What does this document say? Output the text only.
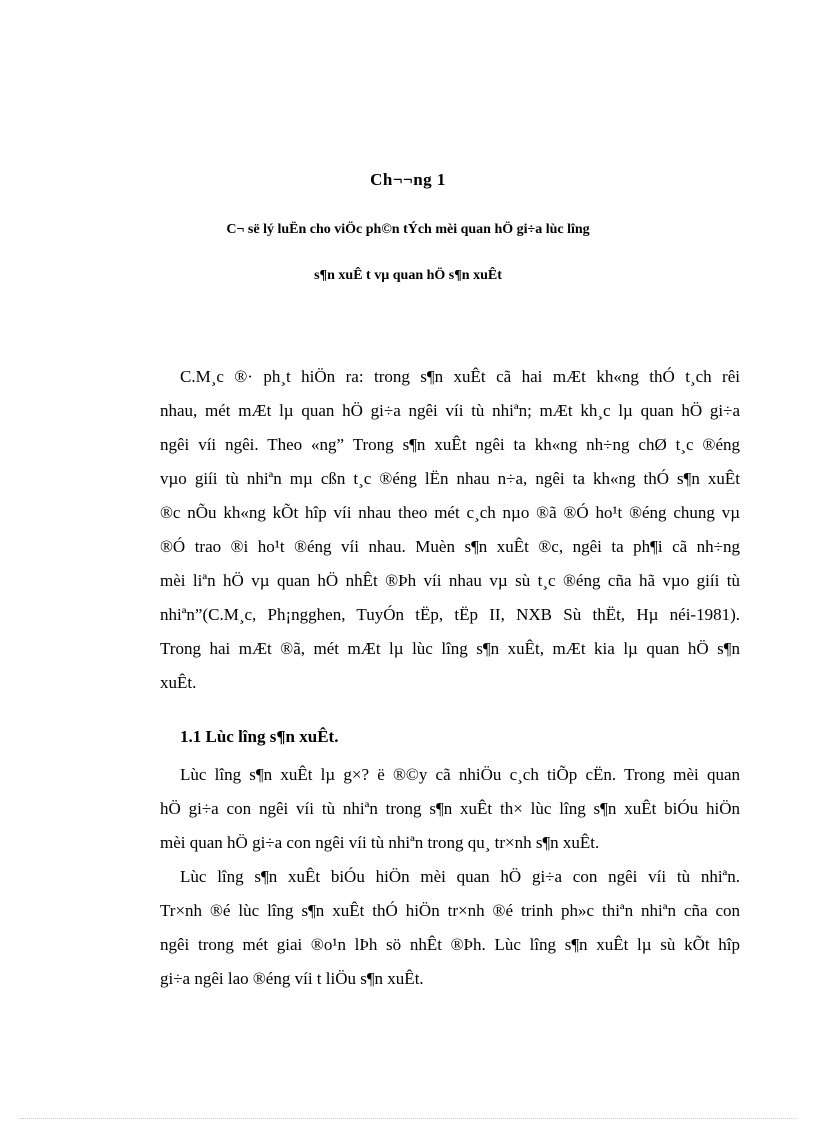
Ch¬¬ng 1
C¬ së lý luËn cho viÖc ph©n tÝch mèi quan hÖ gi÷a lùc lîng
s¶n xuÊ t vµ quan hÖ s¶n xuÊt
C.M¸c ®· ph¸t hiÖn ra: trong s¶n xuÊt cã hai mÆt kh«ng thÓ t¸ch rêi
nhau, mét mÆt lµ quan hÖ gi÷a ngêi víi tù nhiªn; mÆt kh¸c lµ quan hÖ gi÷a
ngêi víi ngêi. Theo «ng” Trong s¶n xuÊt ngêi ta kh«ng nh÷ng chØ t¸c ®éng
vµo giíi tù nhiªn mµ cßn t¸c ®éng lËn nhau n÷a, ngêi ta kh«ng thÓ s¶n xuÊt
®c nÕu kh«ng kÕt hîp víi nhau theo mét c¸ch nµo ®ã ®Ó ho¹t ®éng chung vµ
®Ó trao ®i ho¹t ®éng víi nhau. Muèn s¶n xuÊt ®c, ngêi ta ph¶i cã nh÷ng
mèi liªn hÖ vµ quan hÖ nhÊt ®Þh víi nhau vµ sù t¸c ®éng cña hã vµo giíi tù
nhiªn”(C.M¸c, Ph¡ngghen, TuyÓn tËp, tËp II, NXB Sù thËt, Hµ néi-1981).
Trong hai mÆt ®ã, mét mÆt lµ lùc lîng s¶n xuÊt, mÆt kia lµ quan hÖ s¶n
xuÊt.
Lùc lîng s¶n xuÊt lµ g×? ë ®©y cã nhiÖu c¸ch tiÕp cËn. Trong mèi quan
hÖ gi÷a con ngêi víi tù nhiªn trong s¶n xuÊt th× lùc lîng s¶n xuÊt biÓu hiÖn
mèi quan hÖ gi÷a con ngêi víi tù nhiªn trong qu¸ tr×nh s¶n xuÊt.
Lùc lîng s¶n xuÊt biÓu hiÖn mèi quan hÖ gi÷a con ngêi víi tù nhiªn.
Tr×nh ®é lùc lîng s¶n xuÊt thÓ hiÖn tr×nh ®é trinh ph»c thiªn nhiªn cña con
ngêi trong mét giai ®o¹n lÞh sö nhÊt ®Þh. Lùc lîng s¶n xuÊt lµ sù kÕt hîp
gi÷a ngêi lao ®éng víi t liÖu s¶n xuÊt.
1.1 Lùc lîng s¶n xuÊt.
